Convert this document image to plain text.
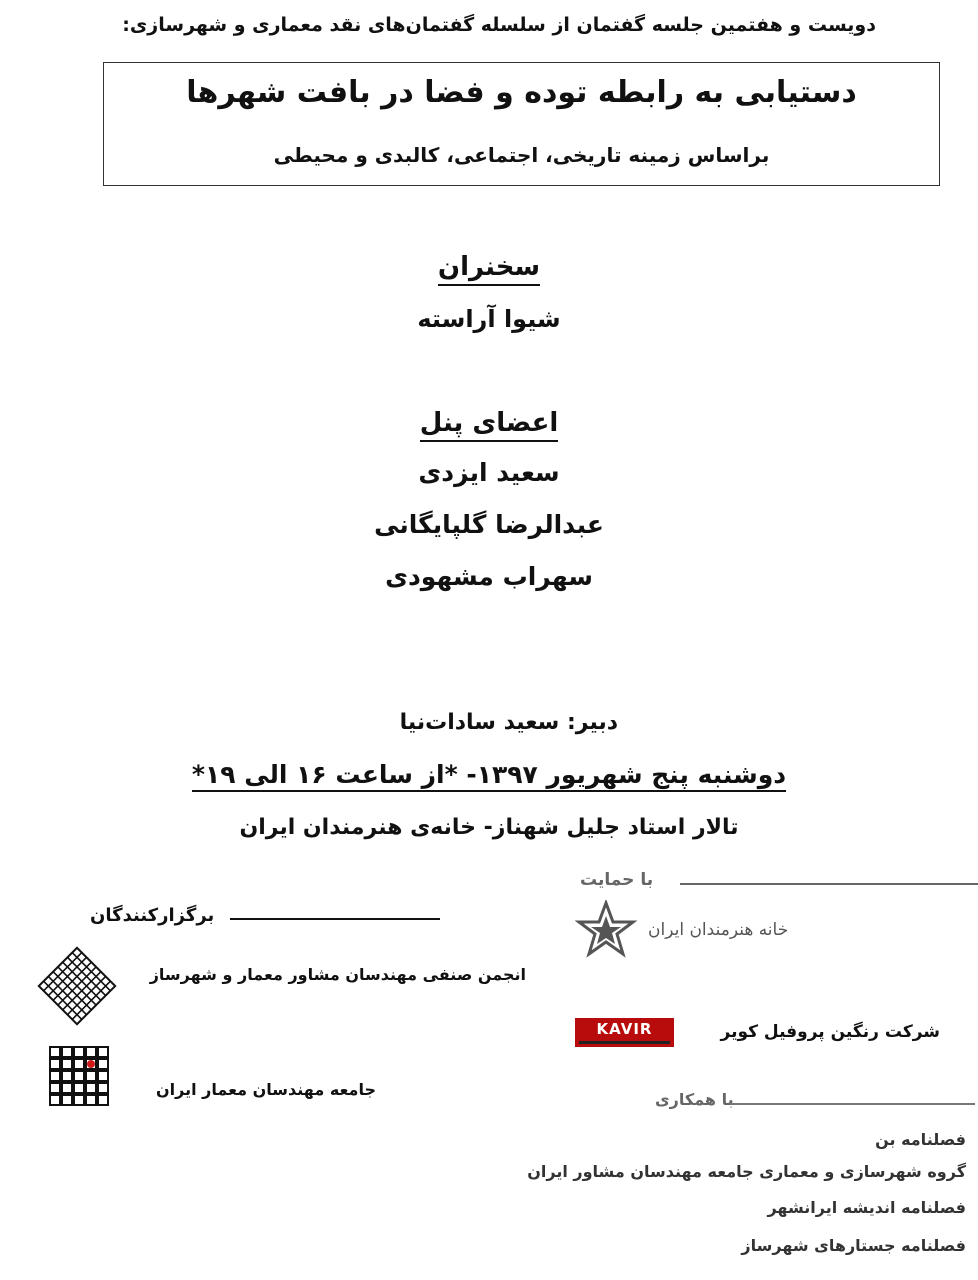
دویست و هفتمین جلسه گفتمان از سلسله گفتمان‌های نقد معماری و شهرسازی:
دستیابی به رابطه توده و فضا در بافت شهرها
براساس زمینه تاریخی، اجتماعی، کالبدی و محیطی
سخنران
شیوا آراسته
اعضای پنل
سعید ایزدی
عبدالرضا گلپایگانی
سهراب مشهودی
دبیر: سعید سادات‌نیا
دوشنبه پنج شهریور ۱۳۹۷- *از ساعت ۱۶ الی ۱۹*
تالار استاد جلیل شهناز- خانه‌ی هنرمندان ایران
برگزارکنندگان
انجمن صنفی مهندسان مشاور معمار و شهرساز
جامعه مهندسان معمار ایران
با حمایت
خانه هنرمندان ایران
KAVIR	شرکت رنگین پروفیل کویر
با همکاری
فصلنامه بن
گروه شهرسازی و معماری جامعه مهندسان مشاور ایران
فصلنامه اندیشه ایرانشهر
فصلنامه جستارهای شهرساز
